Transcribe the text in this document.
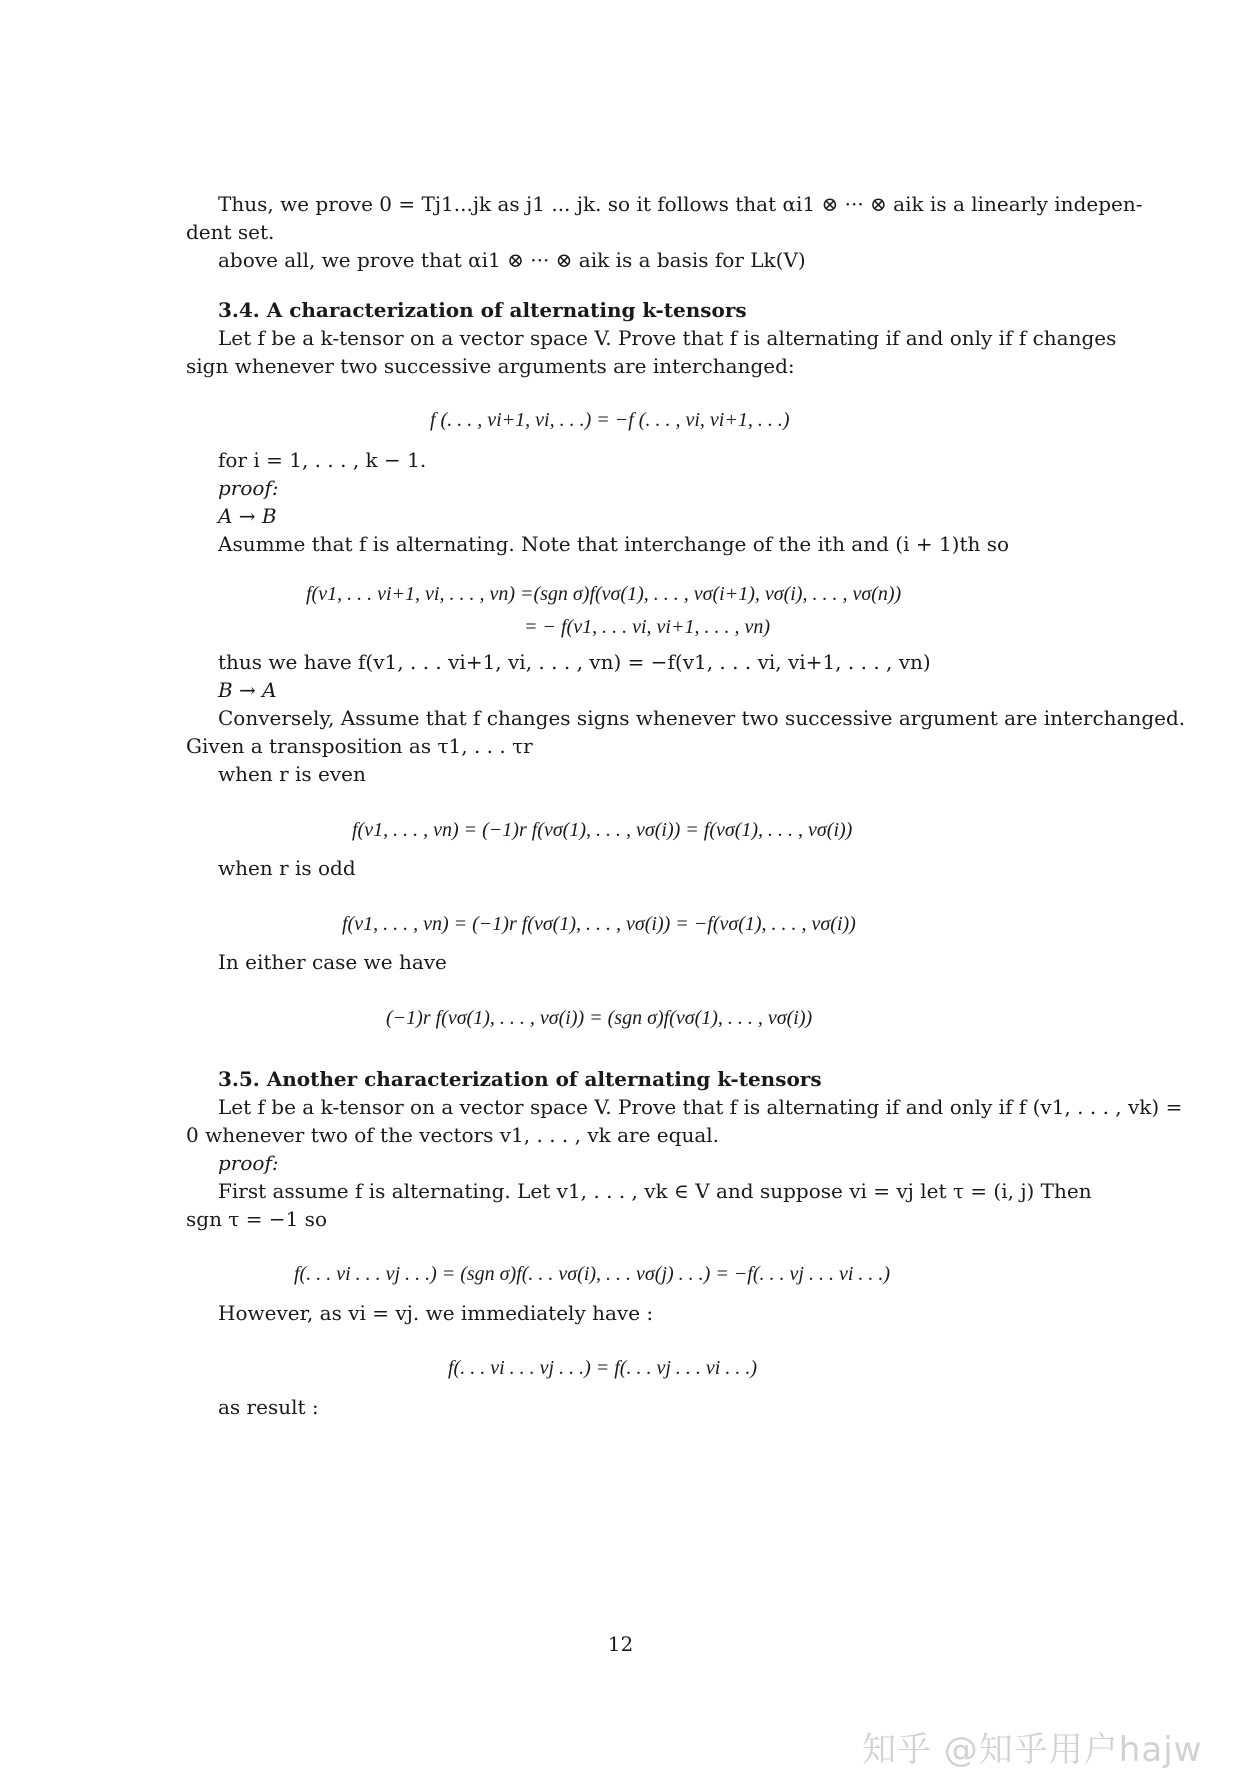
Thus, we prove 0 = Tj1...jk as j1 ... jk. so it follows that αi1 ⊗ ··· ⊗ aik is a linearly indepen-
dent set.
above all, we prove that αi1 ⊗ ··· ⊗ aik is a basis for Lk(V)
3.4. A characterization of alternating k-tensors
Let f be a k-tensor on a vector space V. Prove that f is alternating if and only if f changes
sign whenever two successive arguments are interchanged:
f (. . . , vi+1, vi, . . .) = −f (. . . , vi, vi+1, . . .)
for i = 1, . . . , k − 1.
proof:
A → B
Asumme that f is alternating. Note that interchange of the ith and (i + 1)th so
f(v1, . . . vi+1, vi, . . . , vn) =(sgn σ)f(vσ(1), . . . , vσ(i+1), vσ(i), . . . , vσ(n))
= − f(v1, . . . vi, vi+1, . . . , vn)
thus we have f(v1, . . . vi+1, vi, . . . , vn) = −f(v1, . . . vi, vi+1, . . . , vn)
B → A
Conversely, Assume that f changes signs whenever two successive argument are interchanged.
Given a transposition as τ1, . . . τr
when r is even
f(v1, . . . , vn) = (−1)r f(vσ(1), . . . , vσ(i)) = f(vσ(1), . . . , vσ(i))
when r is odd
f(v1, . . . , vn) = (−1)r f(vσ(1), . . . , vσ(i)) = −f(vσ(1), . . . , vσ(i))
In either case we have
(−1)r f(vσ(1), . . . , vσ(i)) = (sgn σ)f(vσ(1), . . . , vσ(i))
3.5. Another characterization of alternating k-tensors
Let f be a k-tensor on a vector space V. Prove that f is alternating if and only if f (v1, . . . , vk) =
0 whenever two of the vectors v1, . . . , vk are equal.
proof:
First assume f is alternating. Let v1, . . . , vk ∈ V and suppose vi = vj let τ = (i, j) Then
sgn τ = −1 so
f(. . . vi . . . vj . . .) = (sgn σ)f(. . . vσ(i), . . . vσ(j) . . .) = −f(. . . vj . . . vi . . .)
However, as vi = vj. we immediately have :
f(. . . vi . . . vj . . .) = f(. . . vj . . . vi . . .)
as result :
12
知乎 @知乎用户hajw
